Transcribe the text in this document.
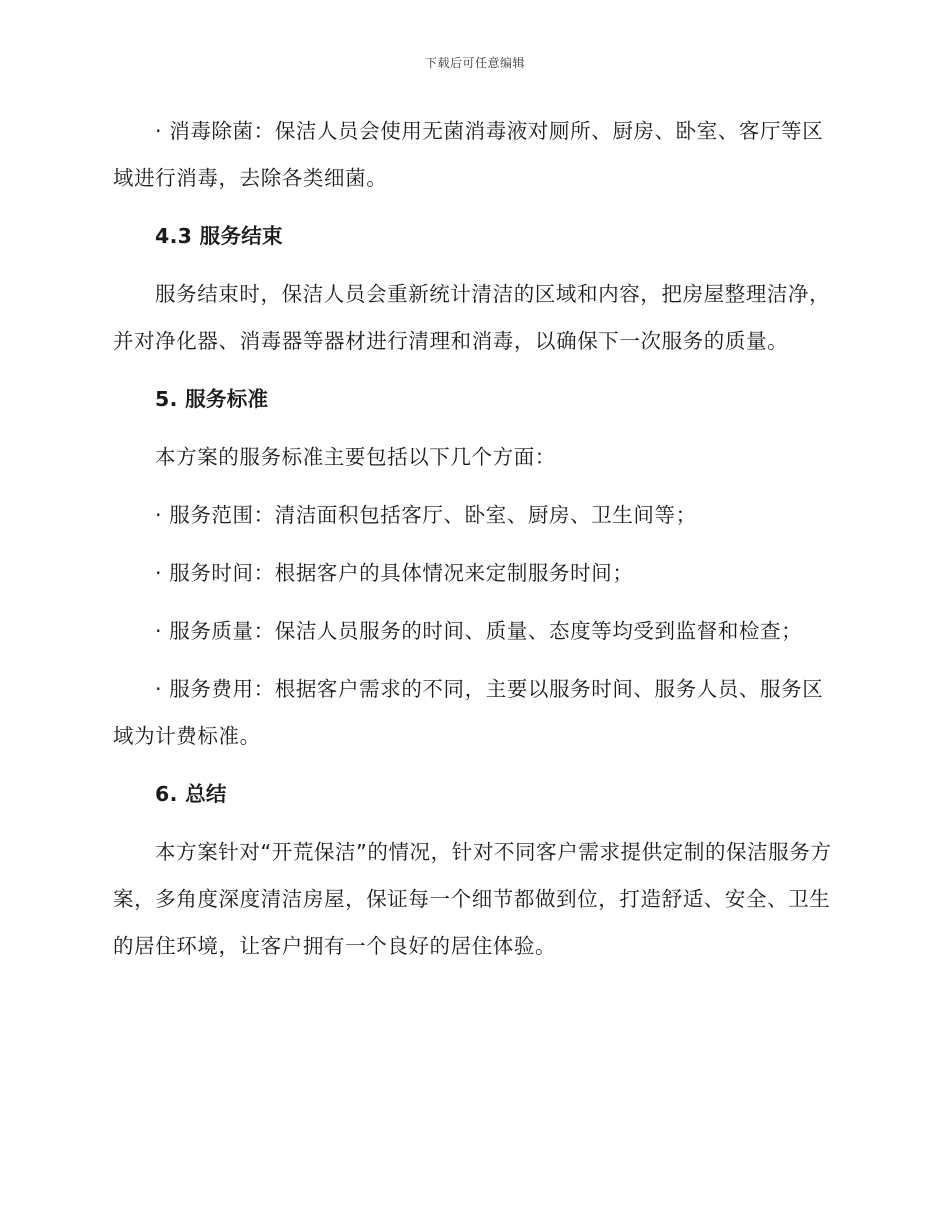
下载后可任意编辑

· 消毒除菌：保洁人员会使用无菌消毒液对厕所、厨房、卧室、客厅等区域进行消毒，去除各类细菌。

4.3 服务结束

服务结束时，保洁人员会重新统计清洁的区域和内容，把房屋整理洁净，并对净化器、消毒器等器材进行清理和消毒，以确保下一次服务的质量。

5. 服务标准

本方案的服务标准主要包括以下几个方面：

· 服务范围：清洁面积包括客厅、卧室、厨房、卫生间等；

· 服务时间：根据客户的具体情况来定制服务时间；

· 服务质量：保洁人员服务的时间、质量、态度等均受到监督和检查；

· 服务费用：根据客户需求的不同，主要以服务时间、服务人员、服务区域为计费标准。

6. 总结

本方案针对“开荒保洁”的情况，针对不同客户需求提供定制的保洁服务方案，多角度深度清洁房屋，保证每一个细节都做到位，打造舒适、安全、卫生的居住环境，让客户拥有一个良好的居住体验。
